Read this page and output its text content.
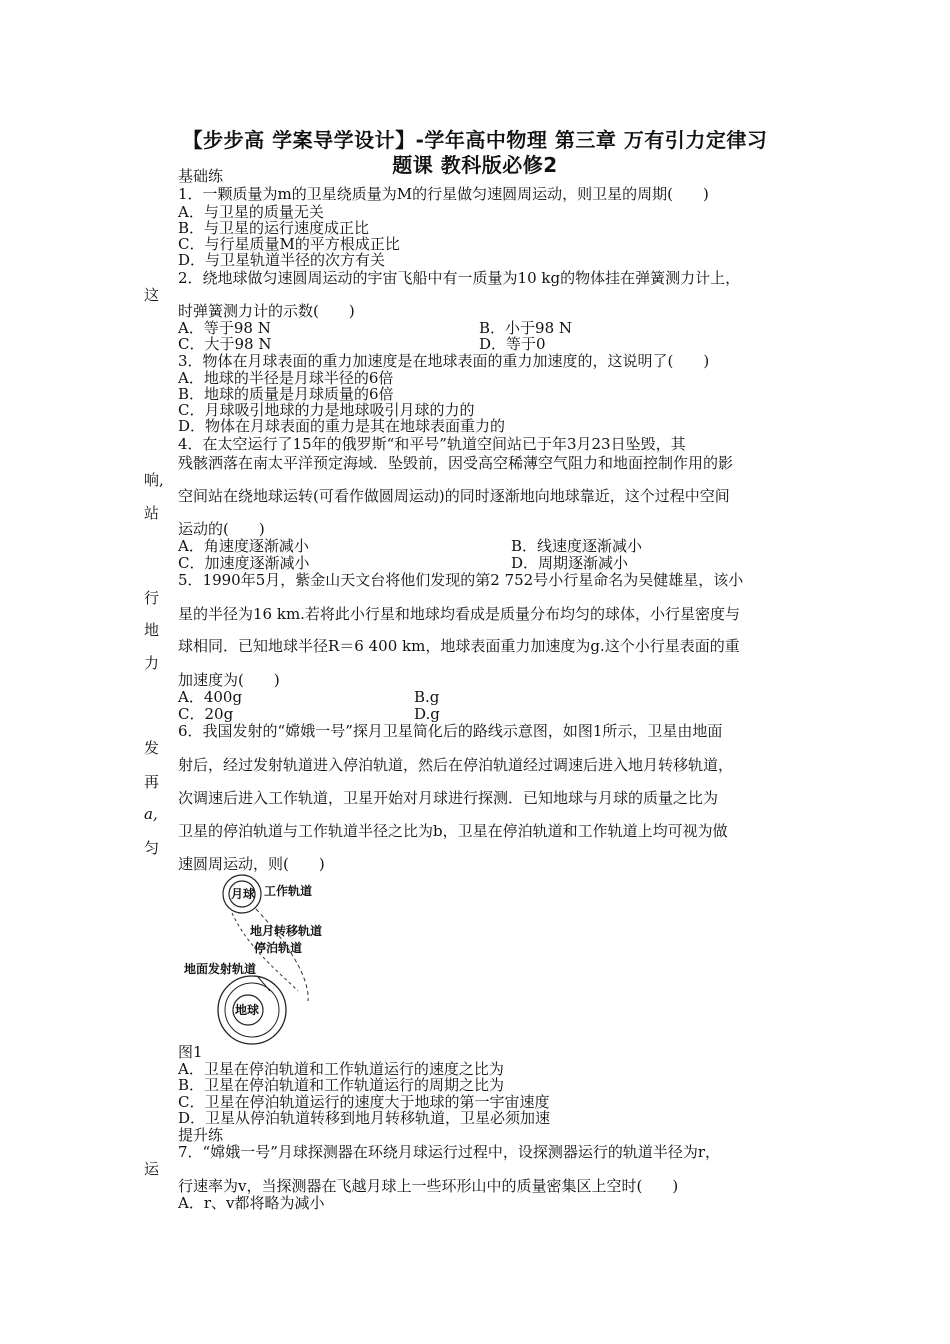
【步步高 学案导学设计】-学年高中物理 第三章 万有引力定律习
题课 教科版必修2
基础练
1．一颗质量为m的卫星绕质量为M的行星做匀速圆周运动，则卫星的周期(　　)
A．与卫星的质量无关
B．与卫星的运行速度成正比
C．与行星质量M的平方根成正比
D．与卫星轨道半径的次方有关
2．绕地球做匀速圆周运动的宇宙飞船中有一质量为10 kg的物体挂在弹簧测力计上，
这
时弹簧测力计的示数(　　)
A．等于98 N	B．小于98 N
C．大于98 N	D．等于0
3．物体在月球表面的重力加速度是在地球表面的重力加速度的，这说明了(　　)
A．地球的半径是月球半径的6倍
B．地球的质量是月球质量的6倍
C．月球吸引地球的力是地球吸引月球的力的
D．物体在月球表面的重力是其在地球表面重力的
4．在太空运行了15年的俄罗斯“和平号”轨道空间站已于年3月23日坠毁，其
残骸洒落在南太平洋预定海域．坠毁前，因受高空稀薄空气阻力和地面控制作用的影
响,
空间站在绕地球运转(可看作做圆周运动)的同时逐渐地向地球靠近，这个过程中空间
站
运动的(　　)
A．角速度逐渐减小	B．线速度逐渐减小
C．加速度逐渐减小	D．周期逐渐减小
5．1990年5月，紫金山天文台将他们发现的第2 752号小行星命名为吴健雄星，该小
行
星的半径为16 km.若将此小行星和地球均看成是质量分布均匀的球体，小行星密度与
地
球相同．已知地球半径R＝6 400 km，地球表面重力加速度为g.这个小行星表面的重
力
加速度为(　　)
A．400g	B.g
C．20g	D.g
6．我国发射的“嫦娥一号”探月卫星简化后的路线示意图，如图1所示，卫星由地面
发
射后，经过发射轨道进入停泊轨道，然后在停泊轨道经过调速后进入地月转移轨道，
再
次调速后进入工作轨道，卫星开始对月球进行探测．已知地球与月球的质量之比为
a,
卫星的停泊轨道与工作轨道半径之比为b，卫星在停泊轨道和工作轨道上均可视为做
匀
速圆周运动，则(　　)
月球 工作轨道
地月转移轨道
停泊轨道
地面发射轨道
地球
图1
A．卫星在停泊轨道和工作轨道运行的速度之比为
B．卫星在停泊轨道和工作轨道运行的周期之比为
C．卫星在停泊轨道运行的速度大于地球的第一宇宙速度
D．卫星从停泊轨道转移到地月转移轨道，卫星必须加速
提升练
7．“嫦娥一号”月球探测器在环绕月球运行过程中，设探测器运行的轨道半径为r，
运
行速率为v，当探测器在飞越月球上一些环形山中的质量密集区上空时(　　)
A．r、v都将略为减小
